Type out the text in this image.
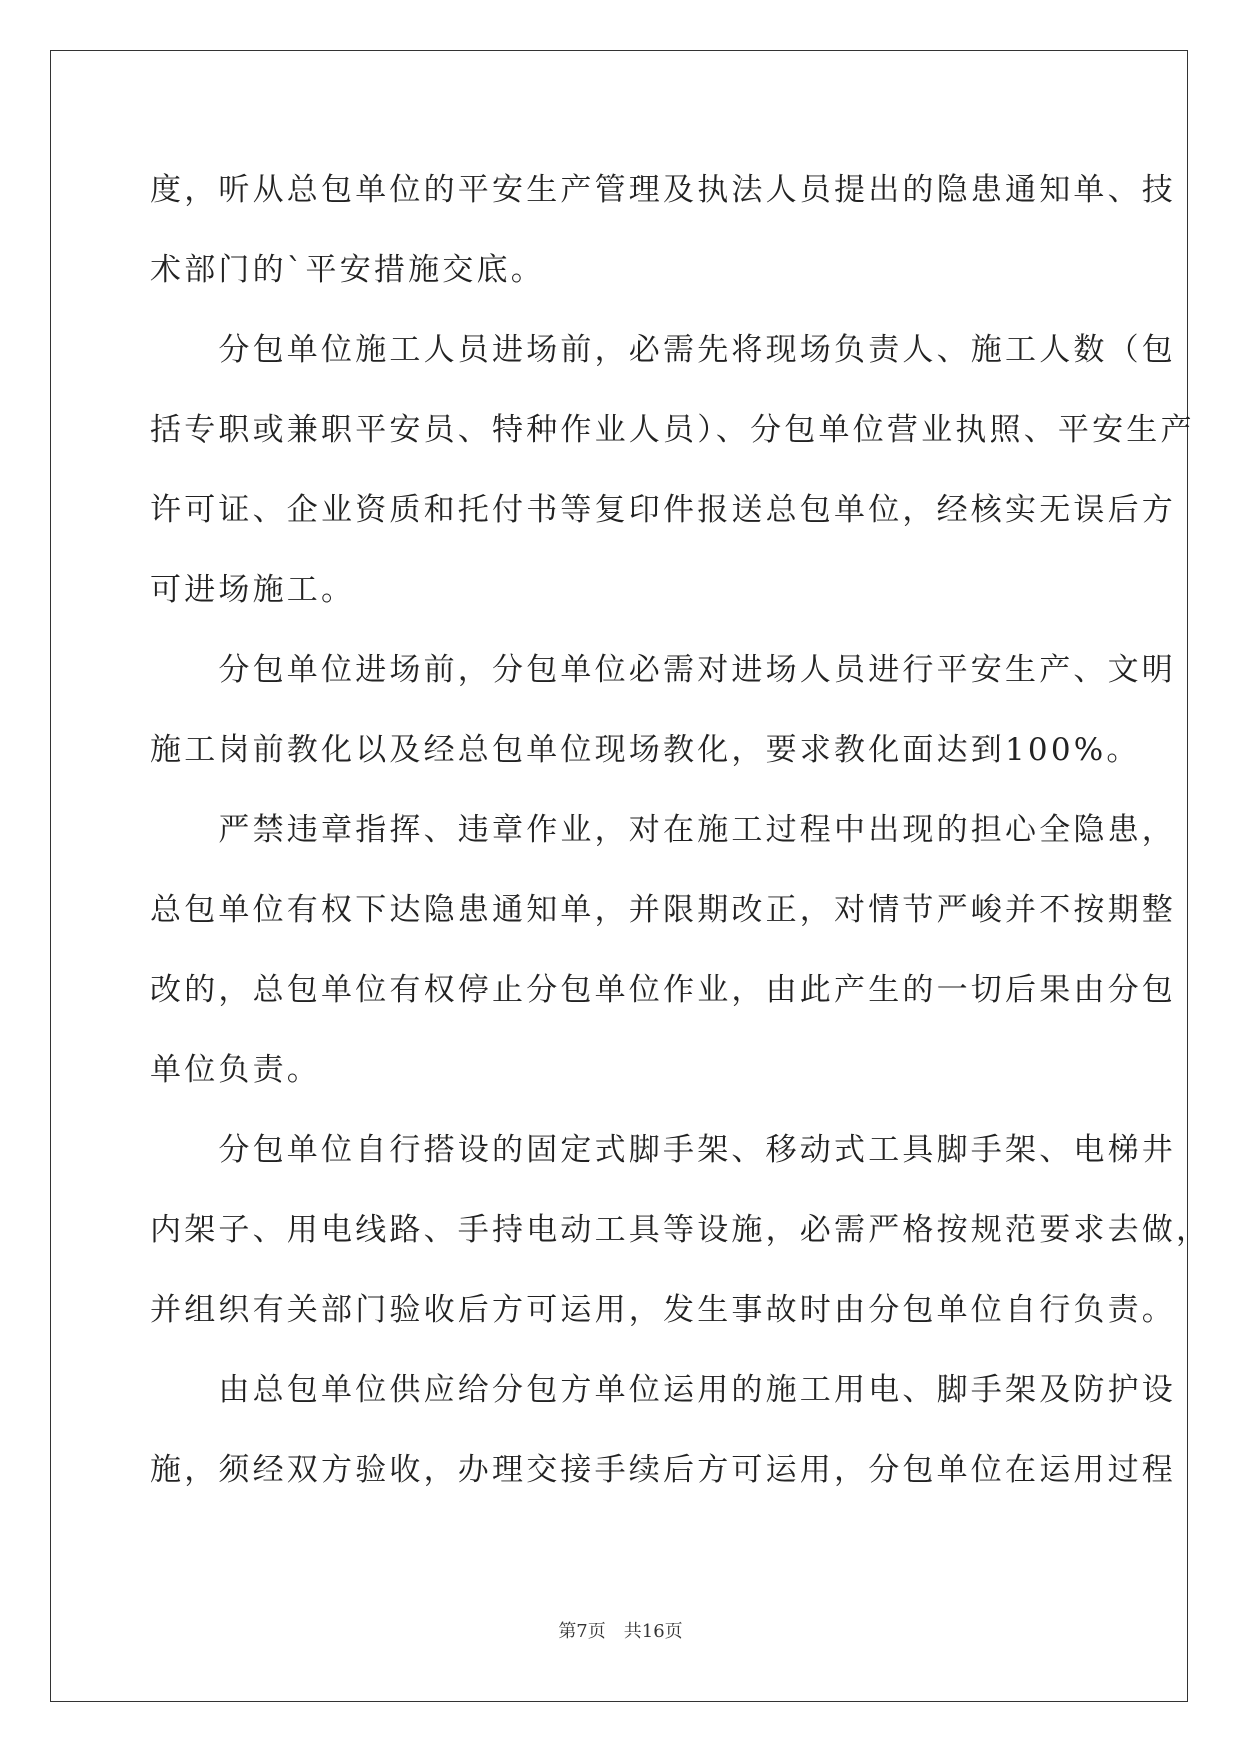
度，听从总包单位的平安生产管理及执法人员提出的隐患通知单、技
术部门的`平安措施交底。
　　分包单位施工人员进场前，必需先将现场负责人、施工人数（包
括专职或兼职平安员、特种作业人员）、分包单位营业执照、平安生产
许可证、企业资质和托付书等复印件报送总包单位，经核实无误后方
可进场施工。
　　分包单位进场前，分包单位必需对进场人员进行平安生产、文明
施工岗前教化以及经总包单位现场教化，要求教化面达到100%。
　　严禁违章指挥、违章作业，对在施工过程中出现的担心全隐患，
总包单位有权下达隐患通知单，并限期改正，对情节严峻并不按期整
改的，总包单位有权停止分包单位作业，由此产生的一切后果由分包
单位负责。
　　分包单位自行搭设的固定式脚手架、移动式工具脚手架、电梯井
内架子、用电线路、手持电动工具等设施，必需严格按规范要求去做，
并组织有关部门验收后方可运用，发生事故时由分包单位自行负责。
　　由总包单位供应给分包方单位运用的施工用电、脚手架及防护设
施，须经双方验收，办理交接手续后方可运用，分包单位在运用过程
第7页　共16页
